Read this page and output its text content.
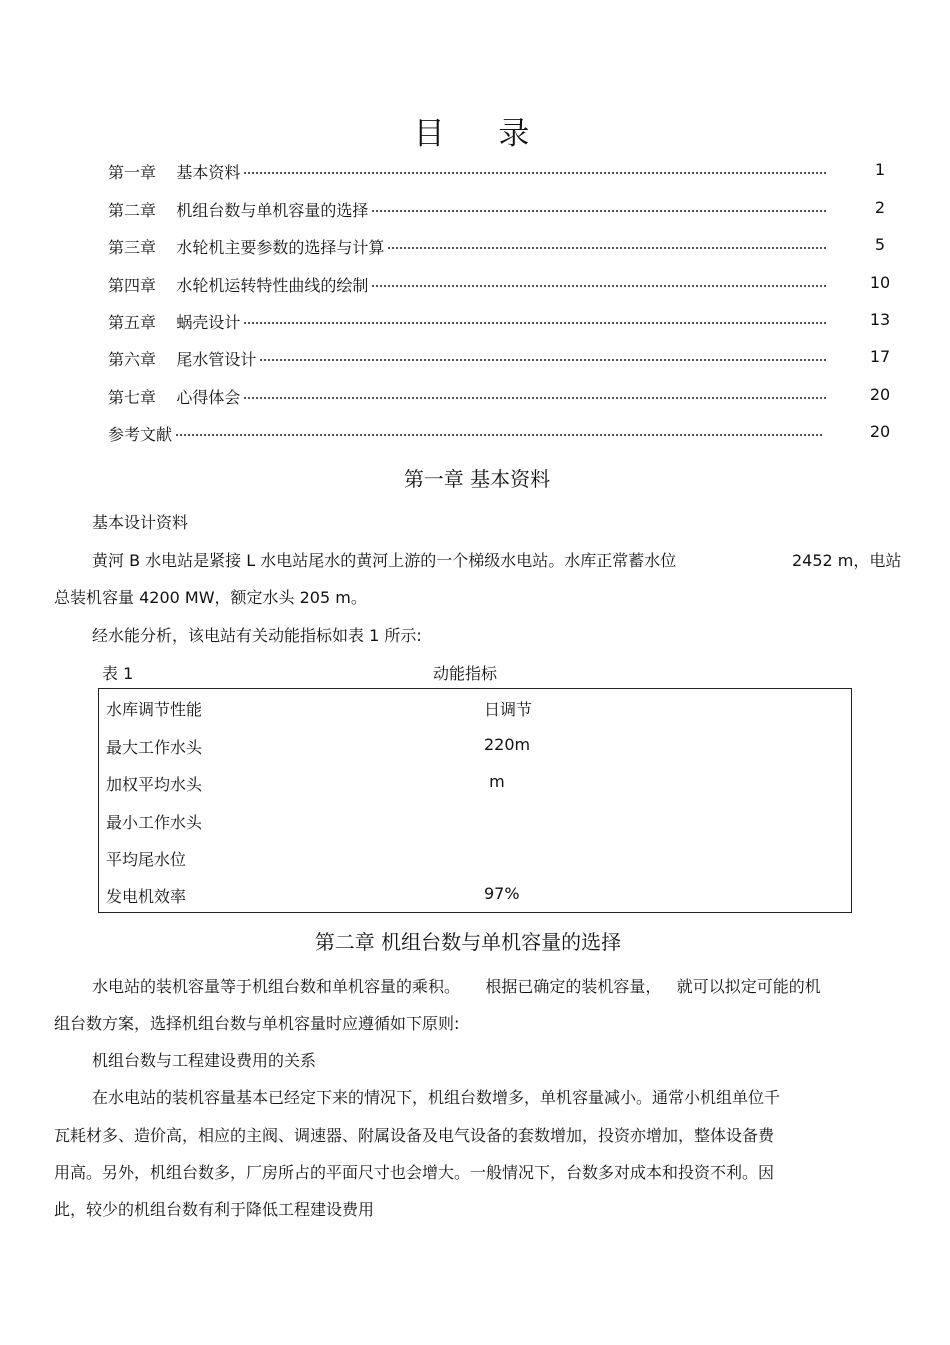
目 录
第一章 基本资料	1
第二章 机组台数与单机容量的选择	2
第三章 水轮机主要参数的选择与计算	5
第四章 水轮机运转特性曲线的绘制	10
第五章 蜗壳设计	13
第六章 尾水管设计	17
第七章 心得体会	20
参考文献	20
第一章 基本资料
基本设计资料
黄河 B 水电站是紧接 L 水电站尾水的黄河上游的一个梯级水电站。水库正常蓄水位	2452 m，电站
总装机容量 4200 MW，额定水头 205 m。
经水能分析，该电站有关动能指标如表 1 所示:
表 1	动能指标
水库调节性能	日调节
最大工作水头	220m
加权平均水头	m
最小工作水头
平均尾水位
发电机效率	97%
第二章 机组台数与单机容量的选择
水电站的装机容量等于机组台数和单机容量的乘积。     根据已确定的装机容量，   就可以拟定可能的机
组台数方案，选择机组台数与单机容量时应遵循如下原则:
机组台数与工程建设费用的关系
在水电站的装机容量基本已经定下来的情况下，机组台数增多，单机容量减小。通常小机组单位千
瓦耗材多、造价高，相应的主阀、调速器、附属设备及电气设备的套数增加，投资亦增加，整体设备费
用高。另外，机组台数多，厂房所占的平面尺寸也会增大。一般情况下，台数多对成本和投资不利。因
此，较少的机组台数有利于降低工程建设费用
